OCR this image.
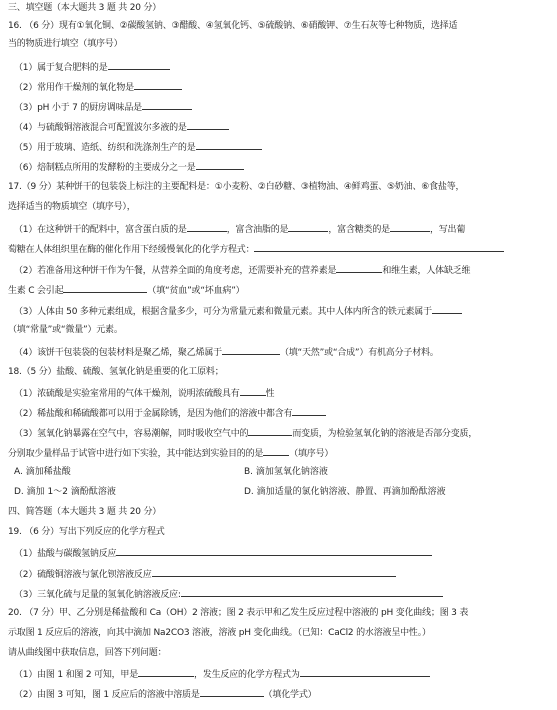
三、填空题（本大题共 3 题 共 20 分）
16. （6 分）现有①氧化铜、②碳酸氢钠、③醋酸、④氢氧化钙、⑤硫酸钠、⑥硝酸钾、⑦生石灰等七种物质，选择适
当的物质进行填空（填序号）
（1）属于复合肥料的是
（2）常用作干燥剂的氧化物是
（3）pH 小于 7 的厨房调味品是
（4）与硫酸铜溶液混合可配置波尔多液的是
（5）用于玻璃、造纸、纺织和洗涤剂生产的是
（6）焙制糕点所用的发酵粉的主要成分之一是
17.（9 分）某种饼干的包装袋上标注的主要配料是：①小麦粉、②白砂糖、③植物油、④鲜鸡蛋、⑤奶油、⑥食盐等，
选择适当的物质填空（填序号），
（1）在这种饼干的配料中，富含蛋白质的是	，富含油脂的是	，富含糖类的是	，写出葡
萄糖在人体组织里在酶的催化作用下经缓慢氧化的化学方程式：
（2）若准备用这种饼干作为午餐，从营养全面的角度考虑，还需要补充的营养素是	和维生素，人体缺乏维
生素 C 会引起	（填“贫血”或“坏血病”）
（3）人体由 50 多种元素组成，根据含量多少，可分为常量元素和微量元素。其中人体内所含的铁元素属于
（填“常量”或“微量”）元素。
（4）该饼干包装袋的包装材料是聚乙烯，聚乙烯属于	（填“天然”或“合成”）有机高分子材料。
18.（5 分）盐酸、硫酸、氢氧化钠是重要的化工原料；
（1）浓硫酸是实验室常用的气体干燥剂，说明浓硫酸具有	性
（2）稀盐酸和稀硫酸都可以用于金属除锈，是因为他们的溶液中都含有
（3）氢氧化钠暴露在空气中，容易潮解，同时吸收空气中的	而变质，为检验氢氧化钠的溶液是否部分变质，
分别取少量样品于试管中进行如下实验，其中能达到实验目的的是	（填序号）
A. 滴加稀盐酸	B. 滴加氢氧化钠溶液
D. 滴加 1～2 滴酚酞溶液	D. 滴加适量的氯化钠溶液、静置、再滴加酚酞溶液
四、简答题（本大题共 3 题 共 20 分）
19. （6 分）写出下列反应的化学方程式
（1）盐酸与碳酸氢钠反应
（2）硫酸铜溶液与氯化钡溶液反应
（3）三氧化硫与足量的氢氧化钠溶液反应:
20. （7 分）甲、乙分别是稀盐酸和 Ca（OH）2 溶液；图 2 表示甲和乙发生反应过程中溶液的 pH 变化曲线；图 3 表
示取图 1 反应后的溶液，向其中滴加 Na2CO3 溶液，溶液 pH 变化曲线。（已知：CaCl2 的水溶液呈中性。）
请从曲线图中获取信息，回答下列问题：
（1）由图 1 和图 2 可知，甲是	，发生反应的化学方程式为
（2）由图 3 可知，图 1 反应后的溶液中溶质是	（填化学式）
